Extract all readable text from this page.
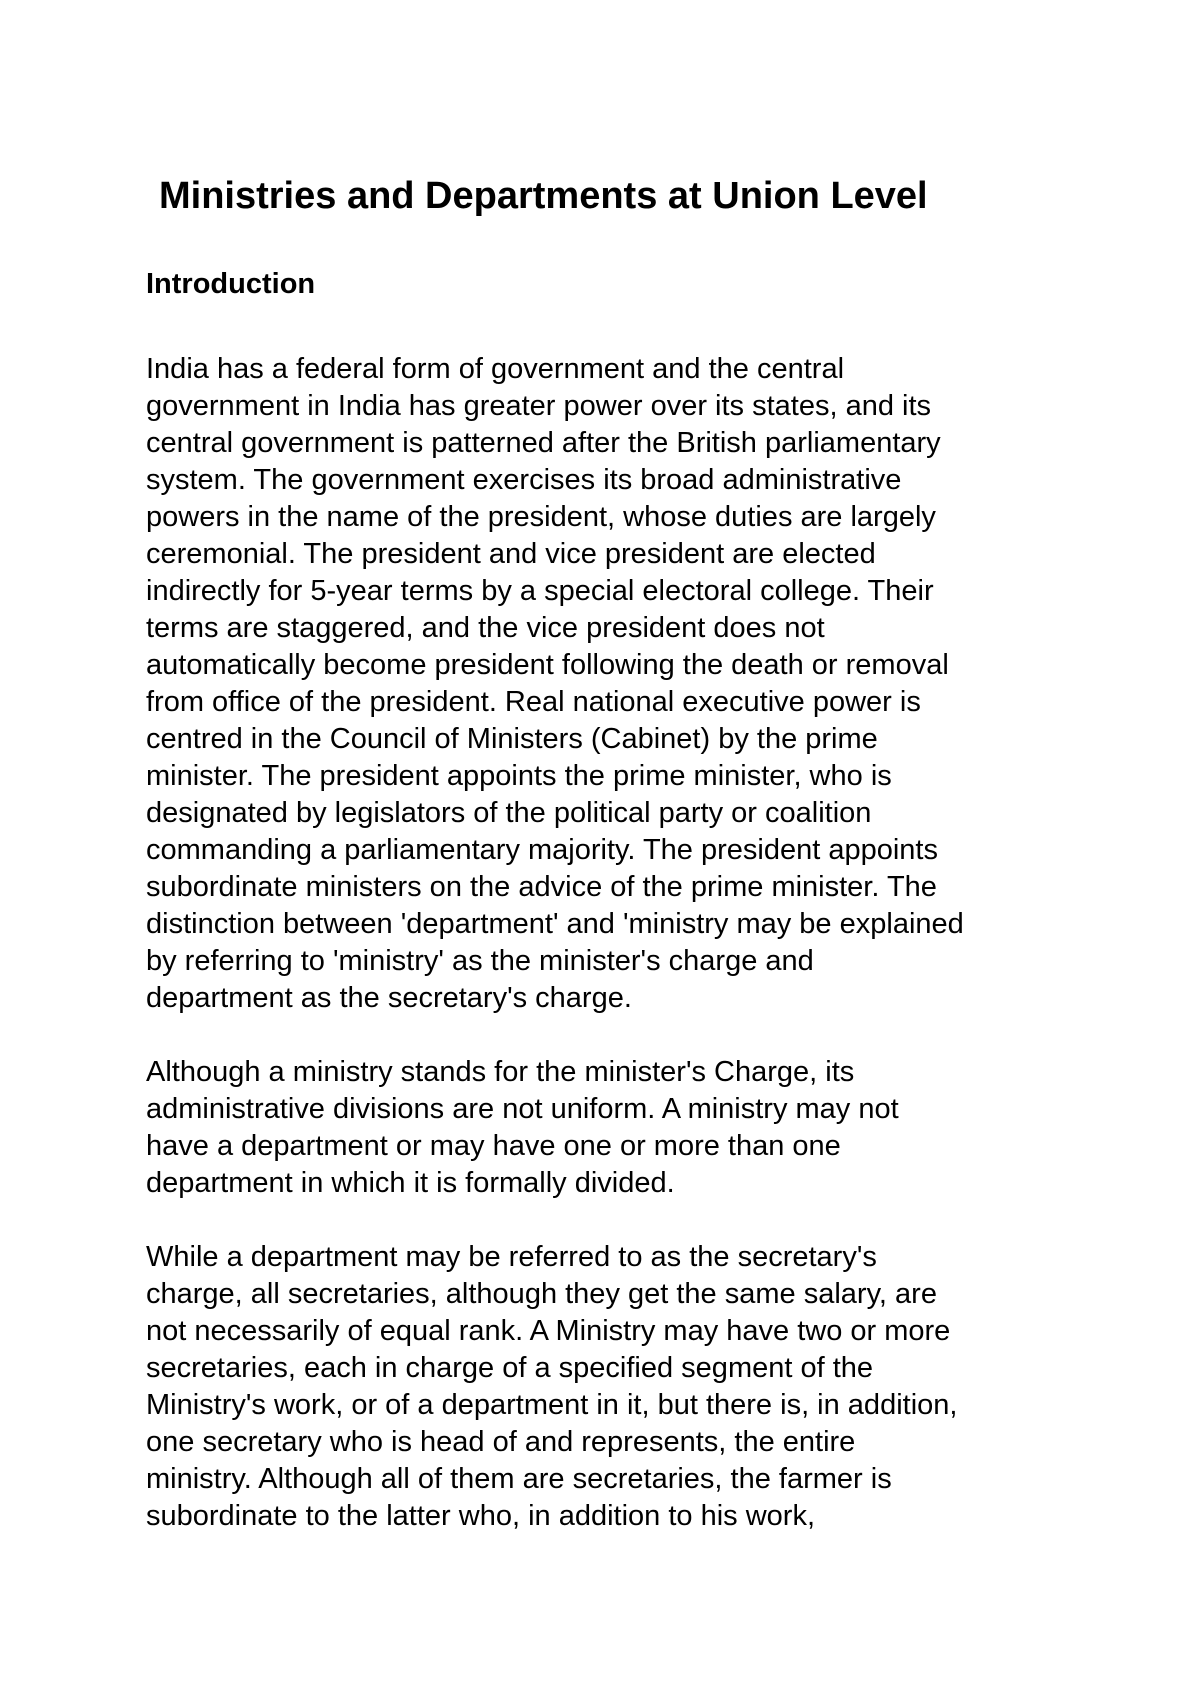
Ministries and Departments at Union Level
Introduction

India has a federal form of government and the central
government in India has greater power over its states, and its
central government is patterned after the British parliamentary
system. The government exercises its broad administrative
powers in the name of the president, whose duties are largely
ceremonial. The president and vice president are elected
indirectly for 5-year terms by a special electoral college. Their
terms are staggered, and the vice president does not
automatically become president following the death or removal
from office of the president. Real national executive power is
centred in the Council of Ministers (Cabinet) by the prime
minister. The president appoints the prime minister, who is
designated by legislators of the political party or coalition
commanding a parliamentary majority. The president appoints
subordinate ministers on the advice of the prime minister. The
distinction between 'department' and 'ministry may be explained
by referring to 'ministry' as the minister's charge and
department as the secretary's charge.

Although a ministry stands for the minister's Charge, its
administrative divisions are not uniform. A ministry may not
have a department or may have one or more than one
department in which it is formally divided.

While a department may be referred to as the secretary's
charge, all secretaries, although they get the same salary, are
not necessarily of equal rank. A Ministry may have two or more
secretaries, each in charge of a specified segment of the
Ministry's work, or of a department in it, but there is, in addition,
one secretary who is head of and represents, the entire
ministry. Although all of them are secretaries, the farmer is
subordinate to the latter who, in addition to his work,
